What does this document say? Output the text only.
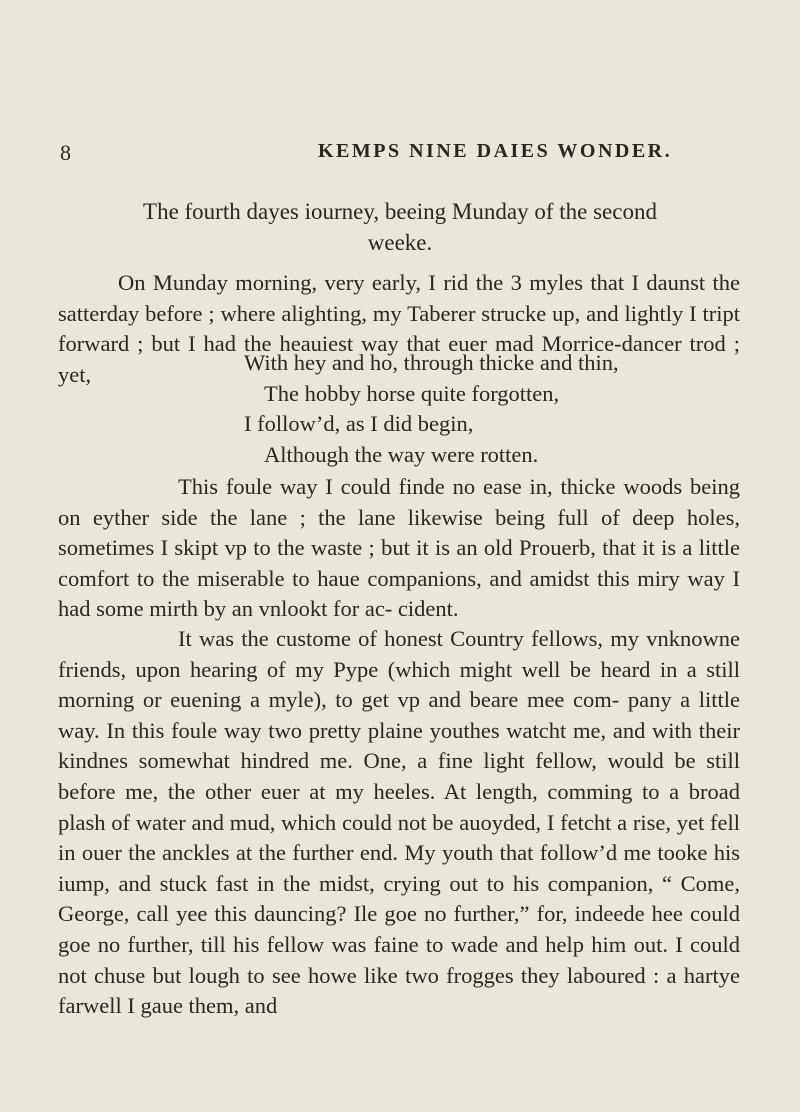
8	KEMPS NINE DAIES WONDER.
The fourth dayes iourney, beeing Munday of the second
weeke.

On Munday morning, very early, I rid the 3 myles that I daunst the satterday before ; where alighting, my Taberer strucke up, and lightly I tript forward ; but I had the heauiest way that euer mad Morrice-dancer trod ; yet,	With hey and ho, through thicke and thin,
The hobby horse quite forgotten,
I follow’d, as I did begin,
Although the way were rotten.

This foule way I could finde no ease in, thicke woods being on eyther side the lane ; the lane likewise being full of deep holes, sometimes I skipt vp to the waste ; but it is an old Prouerb, that it is a little comfort to the miserable to haue companions, and amidst this miry way I had some mirth by an vnlookt for ac- cident.

It was the custome of honest Country fellows, my vnknowne friends, upon hearing of my Pype (which might well be heard in a still morning or euening a myle), to get vp and beare mee com- pany a little way. In this foule way two pretty plaine youthes watcht me, and with their kindnes somewhat hindred me. One, a fine light fellow, would be still before me, the other euer at my heeles. At length, comming to a broad plash of water and mud, which could not be auoyded, I fetcht a rise, yet fell in ouer the anckles at the further end. My youth that follow’d me tooke his iump, and stuck fast in the midst, crying out to his companion, “ Come, George, call yee this dauncing? Ile goe no further,” for, indeede hee could goe no further, till his fellow was faine to wade and help him out. I could not chuse but lough to see howe like two frogges they laboured : a hartye farwell I gaue them, and
